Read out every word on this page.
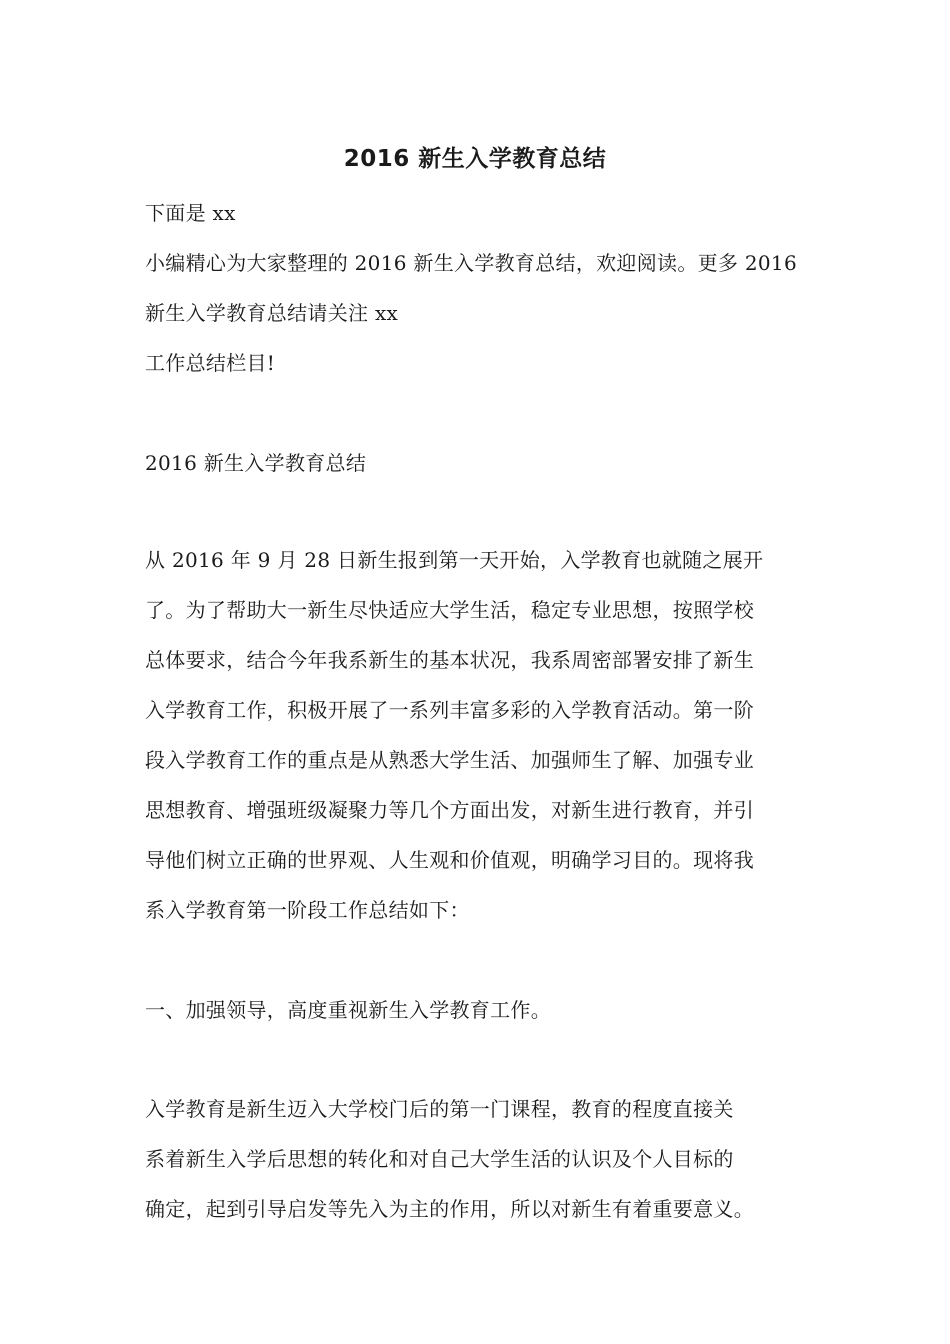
2016 新生入学教育总结
下面是 xx
小编精心为大家整理的 2016 新生入学教育总结，欢迎阅读。更多 2016
新生入学教育总结请关注 xx
工作总结栏目!
2016 新生入学教育总结
从 2016 年 9 月 28 日新生报到第一天开始，入学教育也就随之展开
了。为了帮助大一新生尽快适应大学生活，稳定专业思想，按照学校
总体要求，结合今年我系新生的基本状况，我系周密部署安排了新生
入学教育工作，积极开展了一系列丰富多彩的入学教育活动。第一阶
段入学教育工作的重点是从熟悉大学生活、加强师生了解、加强专业
思想教育、增强班级凝聚力等几个方面出发，对新生进行教育，并引
导他们树立正确的世界观、人生观和价值观，明确学习目的。现将我
系入学教育第一阶段工作总结如下：
一、加强领导，高度重视新生入学教育工作。
入学教育是新生迈入大学校门后的第一门课程，教育的程度直接关
系着新生入学后思想的转化和对自己大学生活的认识及个人目标的
确定，起到引导启发等先入为主的作用，所以对新生有着重要意义。
